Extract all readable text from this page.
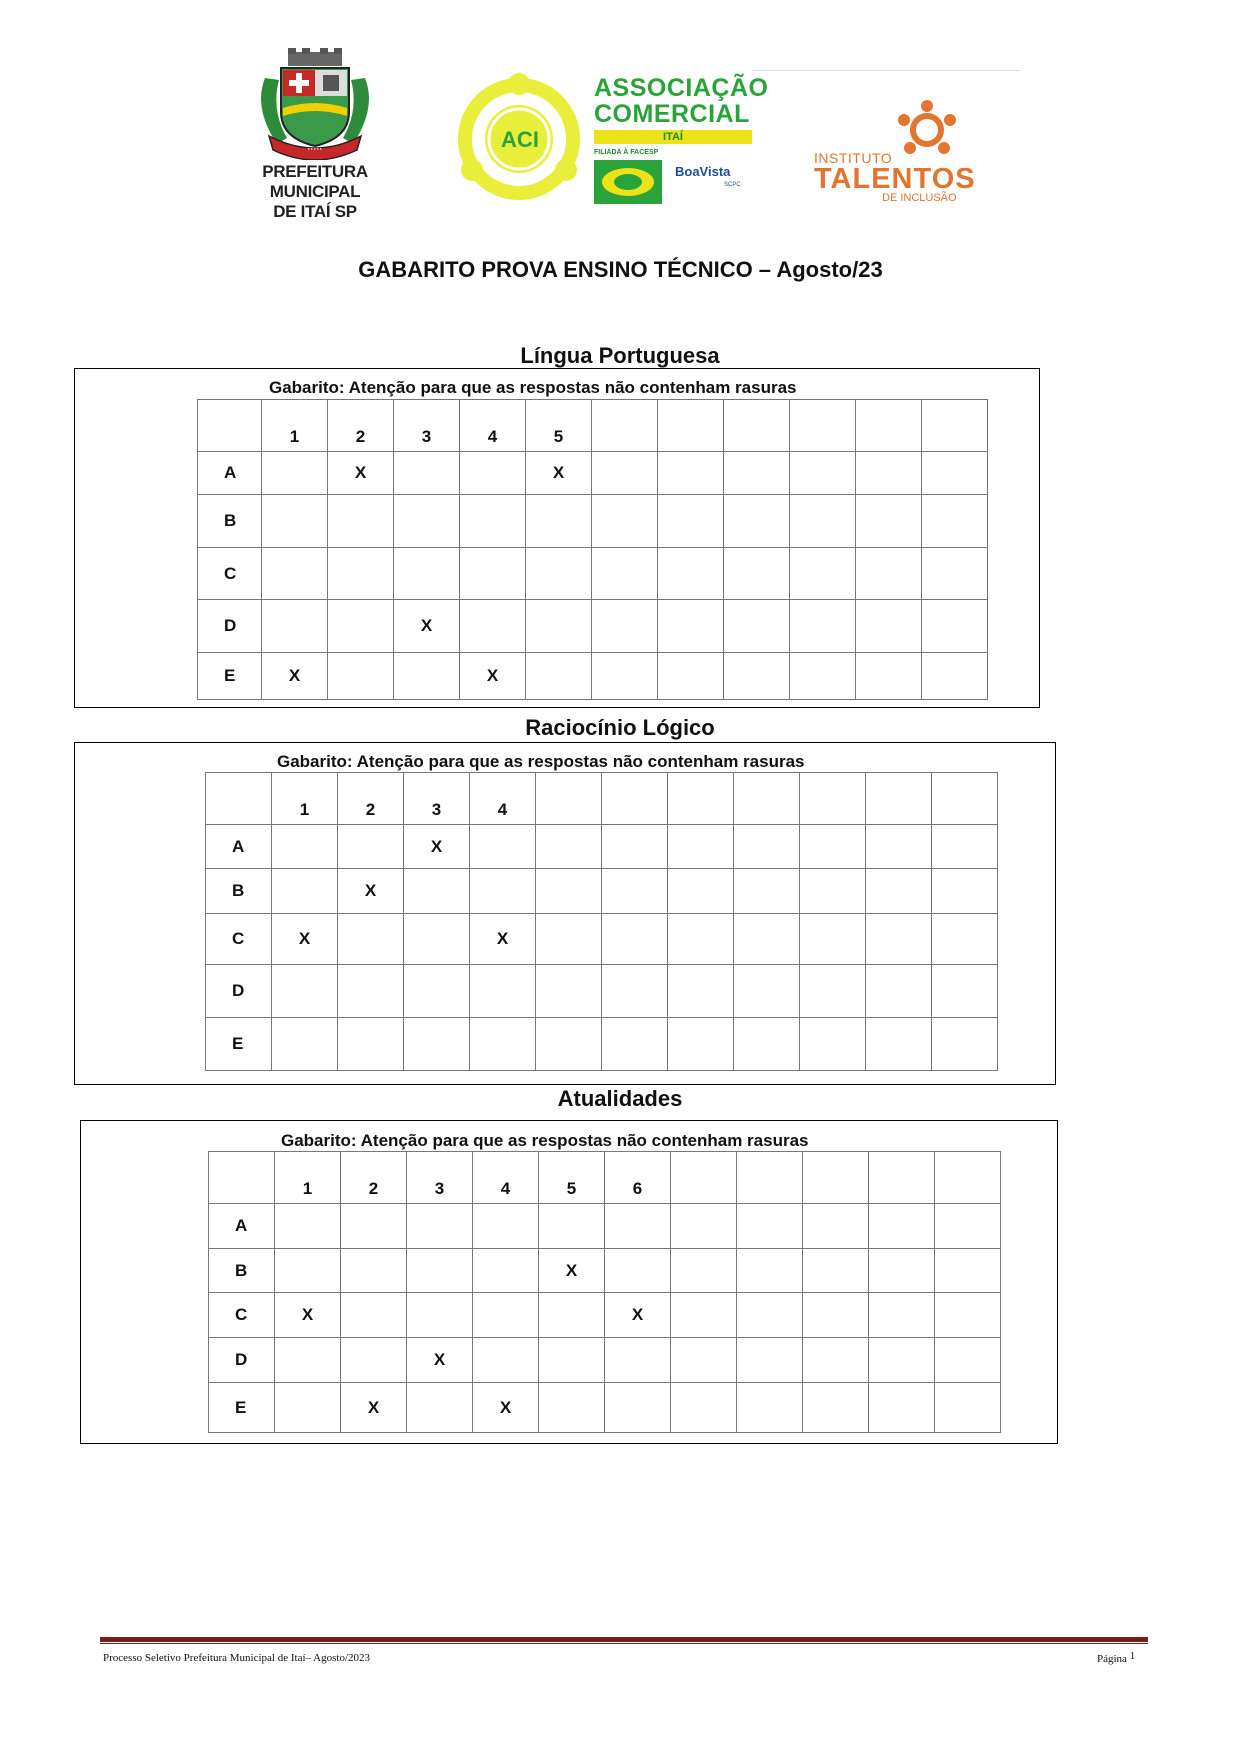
·····
PREFEITURA MUNICIPAL
DE ITAÍ SP
ACI
ASSOCIAÇÃO
COMERCIAL
ITAÍ
FILIADA À FACESP
BoaVista
SCPC
INSTITUTO
TALENTOS
DE INCLUSÃO
GABARITO PROVA ENSINO TÉCNICO – Agosto/23
Língua Portuguesa
Gabarito: Atenção para que as respostas não contenham rasuras
	1	2	3	4	5						
A		X			X						
B											
C											
D			X								
E	X			X							
Raciocínio Lógico
Gabarito: Atenção para que as respostas não contenham rasuras
	1	2	3	4							
A			X								
B		X									
C	X			X							
D											
E											
Atualidades
Gabarito: Atenção para que as respostas não contenham rasuras
	1	2	3	4	5	6					
A											
B					X						
C	X					X					
D			X								
E		X		X							
Processo Seletivo Prefeitura Municipal de Itaí– Agosto/2023	Página 1
